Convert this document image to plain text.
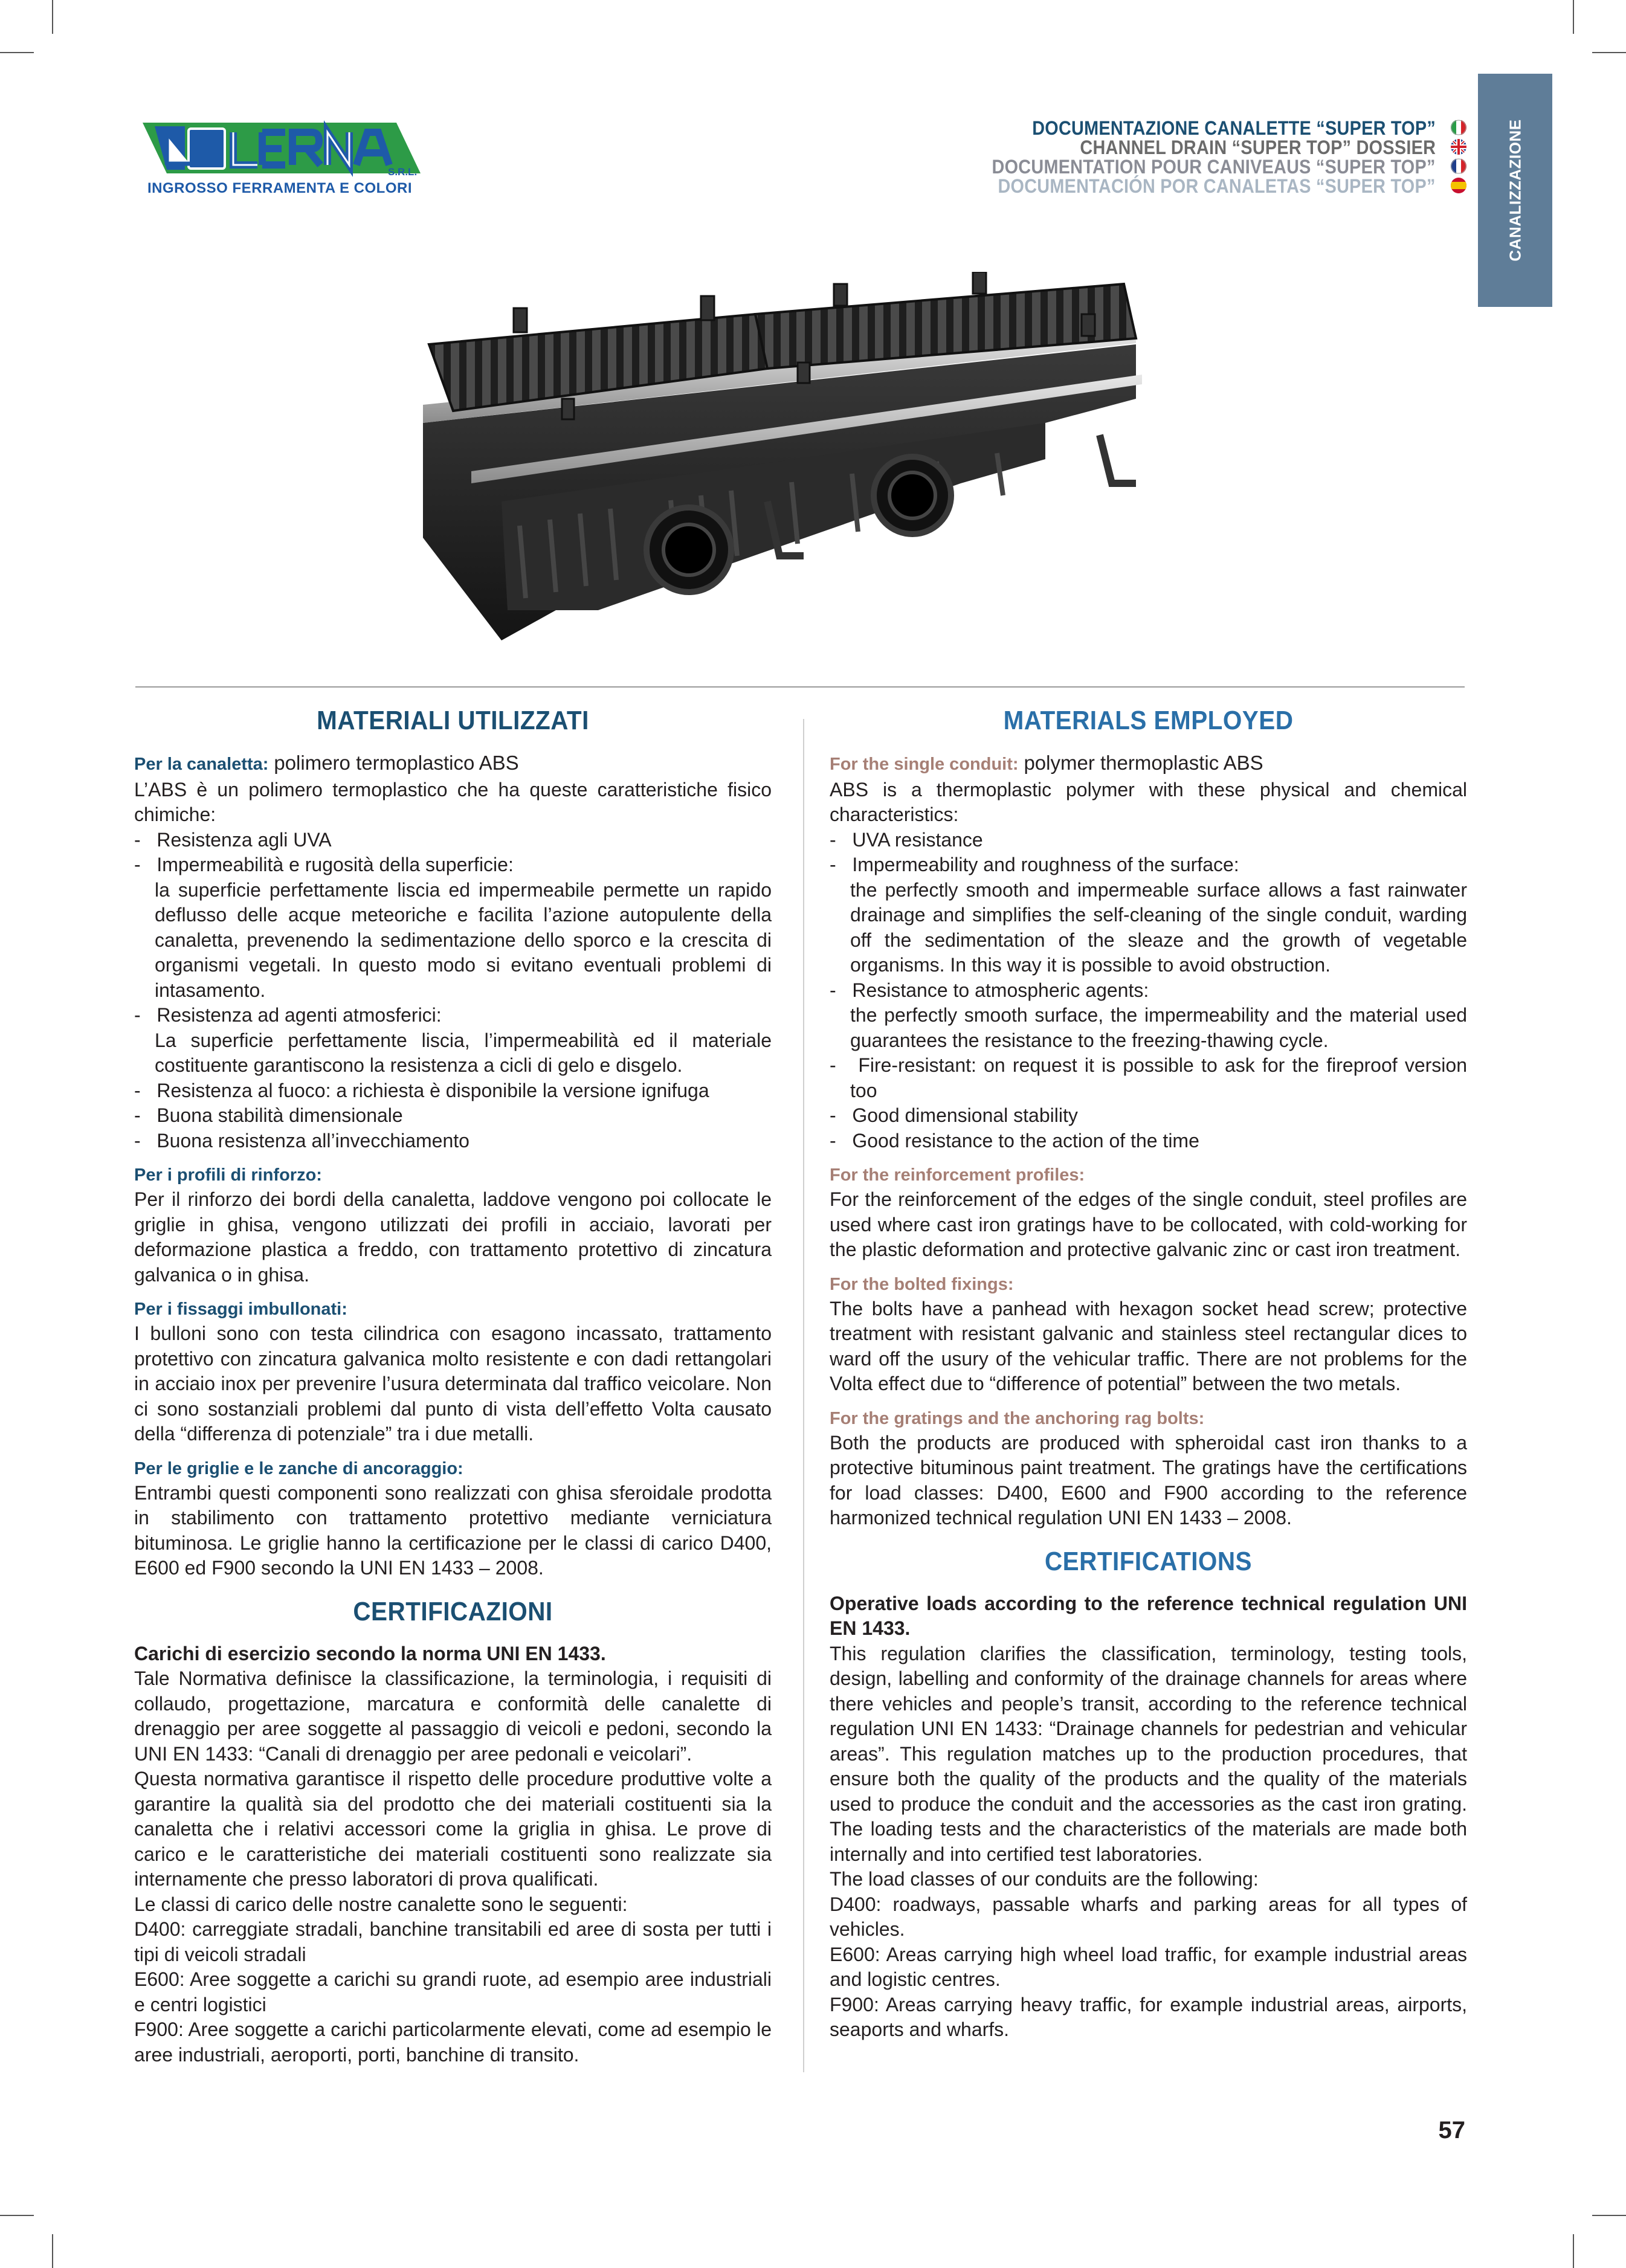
S.R.L.
INGROSSO FERRAMENTA E COLORI
DOCUMENTAZIONE CANALETTE “SUPER TOP”
CHANNEL DRAIN “SUPER TOP” DOSSIER
DOCUMENTATION POUR CANIVEAUS “SUPER TOP”
DOCUMENTACIÓN POR CANALETAS “SUPER TOP”	CANALIZZAZIONE
MATERIALI UTILIZZATI

Per la canaletta: polimero termoplastico ABS

L’ABS è un polimero termoplastico che ha queste caratteristiche fisico chimiche:

- Resistenza agli UVA
- Impermeabilità e rugosità della superficie:
la superficie perfettamente liscia ed impermeabile permette un rapido deflusso delle acque meteoriche e facilita l’azione autopulente della canaletta, prevenendo la sedimentazione dello sporco e la crescita di organismi vegetali. In questo modo si evitano eventuali problemi di intasamento.
- Resistenza ad agenti atmosferici:
La superficie perfettamente liscia, l’impermeabilità ed il materiale costituente garantiscono la resistenza a cicli di gelo e disgelo.
- Resistenza al fuoco: a richiesta è disponibile la versione ignifuga
- Buona stabilità dimensionale
- Buona resistenza all’invecchiamento
Per i profili di rinforzo:

Per il rinforzo dei bordi della canaletta, laddove vengono poi collocate le griglie in ghisa, vengono utilizzati dei profili in acciaio, lavorati per deformazione plastica a freddo, con trattamento protettivo di zincatura galvanica o in ghisa.

Per i fissaggi imbullonati:

I bulloni sono con testa cilindrica con esagono incassato, trattamento protettivo con zincatura galvanica molto resistente e con dadi rettangolari in acciaio inox per prevenire l’usura determinata dal traffico veicolare. Non ci sono sostanziali problemi dal punto di vista dell’effetto Volta causato della “differenza di potenziale” tra i due metalli.

Per le griglie e le zanche di ancoraggio:

Entrambi questi componenti sono realizzati con ghisa sferoidale prodotta in stabilimento con trattamento protettivo mediante verniciatura bituminosa. Le griglie hanno la certificazione per le classi di carico D400, E600 ed F900 secondo la UNI EN 1433 – 2008.

CERTIFICAZIONI

Carichi di esercizio secondo la norma UNI EN 1433.

Tale Normativa definisce la classificazione, la terminologia, i requisiti di collaudo, progettazione, marcatura e conformità delle canalette di drenaggio per aree soggette al passaggio di veicoli e pedoni, secondo la UNI EN 1433: “Canali di drenaggio per aree pedonali e veicolari”.

Questa normativa garantisce il rispetto delle procedure produttive volte a garantire la qualità sia del prodotto che dei materiali costituenti sia la canaletta che i relativi accessori come la griglia in ghisa. Le prove di carico e le caratteristiche dei materiali costituenti sono realizzate sia internamente che presso laboratori di prova qualificati.

Le classi di carico delle nostre canalette sono le seguenti:

D400: carreggiate stradali, banchine transitabili ed aree di sosta per tutti i tipi di veicoli stradali

E600: Aree soggette a carichi su grandi ruote, ad esempio aree industriali e centri logistici

F900: Aree soggette a carichi particolarmente elevati, come ad esempio le aree industriali, aeroporti, porti, banchine di transito.

MATERIALS EMPLOYED

For the single conduit: polymer thermoplastic ABS

ABS is a thermoplastic polymer with these physical and chemical characteristics:

- UVA resistance
- Impermeability and roughness of the surface:
the perfectly smooth and impermeable surface allows a fast rainwater drainage and simplifies the self-cleaning of the single conduit, warding off the sedimentation of the sleaze and the growth of vegetable organisms. In this way it is possible to avoid obstruction.
- Resistance to atmospheric agents:
the perfectly smooth surface, the impermeability and the material used guarantees the resistance to the freezing-thawing cycle.
- Fire-resistant: on request it is possible to ask for the fireproof version too
- Good dimensional stability
- Good resistance to the action of the time
For the reinforcement profiles:

For the reinforcement of the edges of the single conduit, steel profiles are used where cast iron gratings have to be collocated, with cold-working for the plastic deformation and protective galvanic zinc or cast iron treatment.

For the bolted fixings:

The bolts have a panhead with hexagon socket head screw; protective treatment with resistant galvanic and stainless steel rectangular dices to ward off the usury of the vehicular traffic. There are not problems for the Volta effect due to “difference of potential” between the two metals.

For the gratings and the anchoring rag bolts:

Both the products are produced with spheroidal cast iron thanks to a protective bituminous paint treatment. The gratings have the certifications for load classes: D400, E600 and F900 according to the reference harmonized technical regulation UNI EN 1433 – 2008.

CERTIFICATIONS

Operative loads according to the reference technical regulation UNI EN 1433.

This regulation clarifies the classification, terminology, testing tools, design, labelling and conformity of the drainage channels for areas where there vehicles and people’s transit, according to the reference technical regulation UNI EN 1433: “Drainage channels for pedestrian and vehicular areas”. This regulation matches up to the production procedures, that ensure both the quality of the products and the quality of the materials used to produce the conduit and the accessories as the cast iron grating. The loading tests and the characteristics of the materials are made both internally and into certified test laboratories.

The load classes of our conduits are the following:

D400: roadways, passable wharfs and parking areas for all types of vehicles.

E600: Areas carrying high wheel load traffic, for example industrial areas and logistic centres.

F900: Areas carrying heavy traffic, for example industrial areas, airports, seaports and wharfs.

57
